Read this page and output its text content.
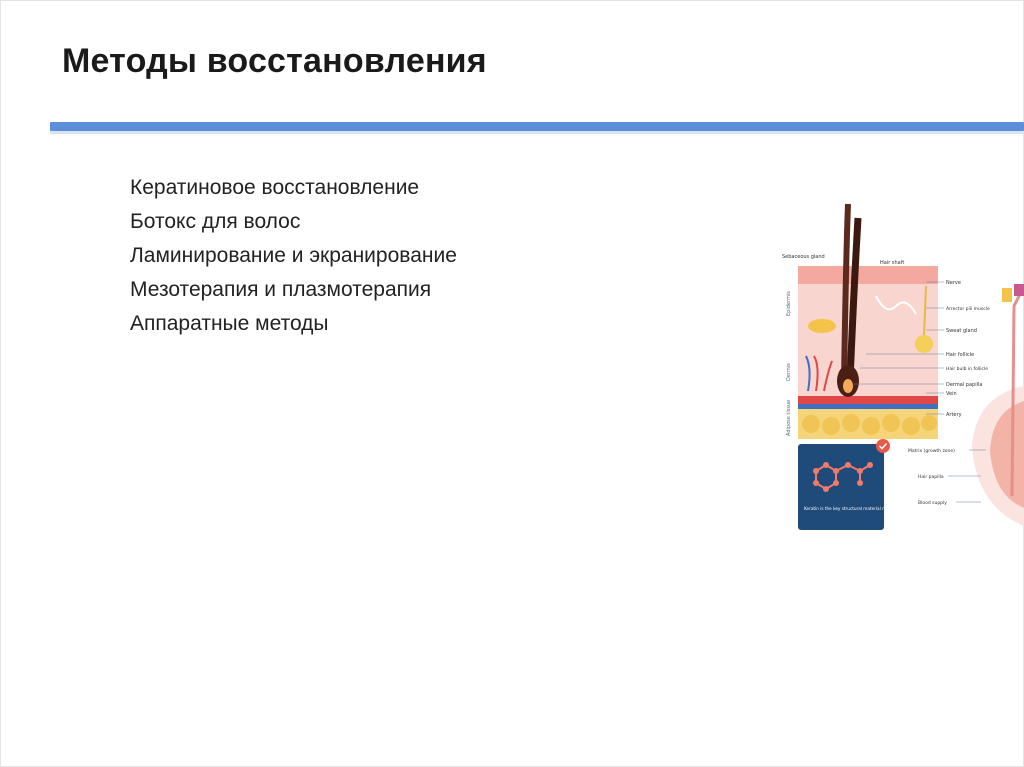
Методы восстановления
Кератиновое восстановление
Ботокс для волос
Ламинирование и экранирование
Мезотерапия и плазмотерапия
Аппаратные методы
Epidermis
Dermis
Adipose tissue
Sebaceous gland
Hair shaft
Nerve
Arrector pili muscle
Sweat gland
Hair follicle
Hair bulb in follicle
Dermal papilla
Vein
Artery
Keratin is the key structural material making up HAIR, NAILS and SKIN
Matrix (growth zone)
Hair papilla
Blood supply
